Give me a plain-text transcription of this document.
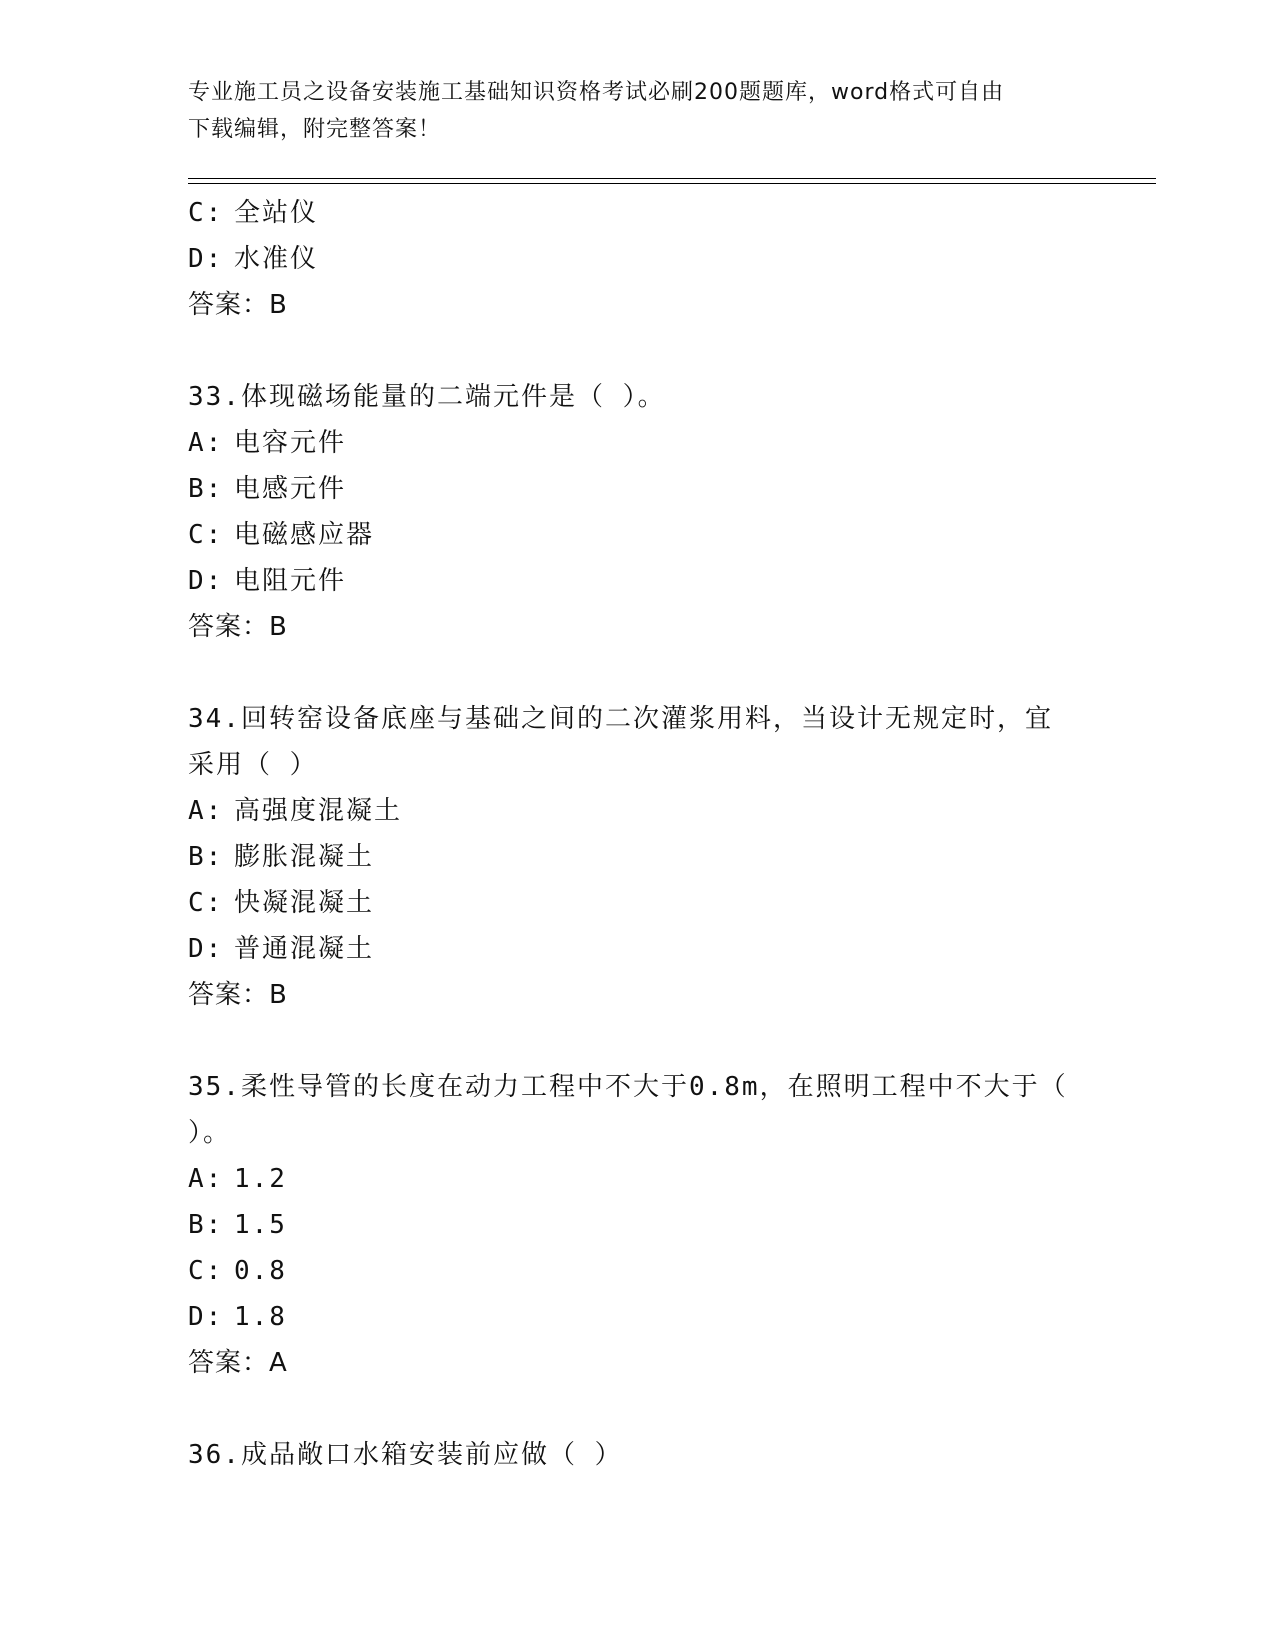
专业施工员之设备安装施工基础知识资格考试必刷200题题库，word格式可自由
下载编辑，附完整答案！
C: 全站仪
D: 水准仪
答案：B
33.体现磁场能量的二端元件是（ ）。
A: 电容元件
B: 电感元件
C: 电磁感应器
D: 电阻元件
答案：B
34.回转窑设备底座与基础之间的二次灌浆用料，当设计无规定时，宜
采用（ ）
A: 高强度混凝土
B: 膨胀混凝土
C: 快凝混凝土
D: 普通混凝土
答案：B
35.柔性导管的长度在动力工程中不大于0.8m，在照明工程中不大于（
）。
A: 1.2
B: 1.5
C: 0.8
D: 1.8
答案：A
36.成品敞口水箱安装前应做（ ）
